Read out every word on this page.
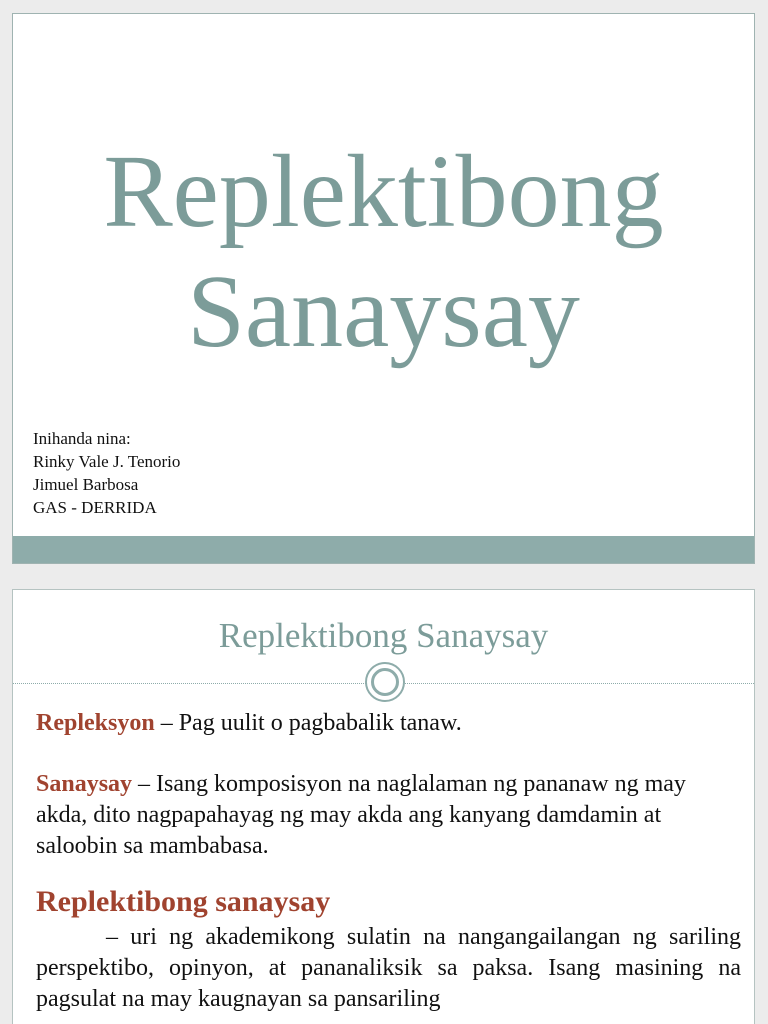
Replektibong
Sanaysay
Inihanda nina:
Rinky Vale J. Tenorio
Jimuel Barbosa
GAS - DERRIDA
Replektibong Sanaysay

Repleksyon – Pag uulit o pagbabalik tanaw.

Sanaysay – Isang komposisyon na naglalaman ng pananaw ng may akda, dito nagpapahayag ng may akda ang kanyang damdamin at saloobin sa mambabasa.

Replektibong sanaysay

– uri ng akademikong sulatin na nangangailangan ng sariling perspektibo, opinyon, at pananaliksik sa paksa. Isang masining na pagsulat na may kaugnayan sa pansariling
